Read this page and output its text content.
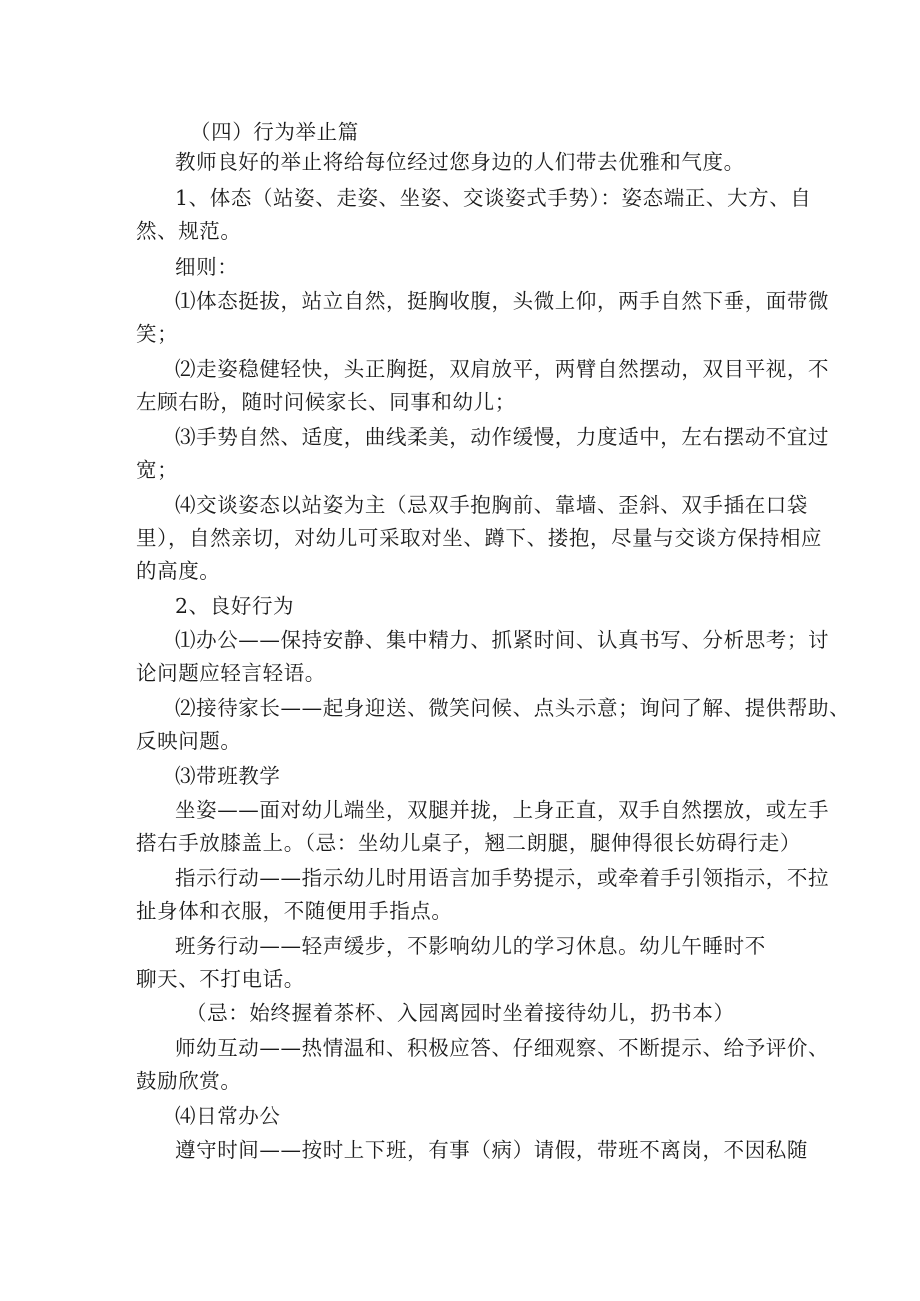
（四）行为举止篇
教师良好的举止将给每位经过您身边的人们带去优雅和气度。
1、体态（站姿、走姿、坐姿、交谈姿式手势）：姿态端正、大方、自
然、规范。
细则：
⑴体态挺拔，站立自然，挺胸收腹，头微上仰，两手自然下垂，面带微
笑；
⑵走姿稳健轻快，头正胸挺，双肩放平，两臂自然摆动，双目平视，不
左顾右盼，随时问候家长、同事和幼儿；
⑶手势自然、适度，曲线柔美，动作缓慢，力度适中，左右摆动不宜过
宽；
⑷交谈姿态以站姿为主（忌双手抱胸前、靠墙、歪斜、双手插在口袋
里），自然亲切，对幼儿可采取对坐、蹲下、搂抱，尽量与交谈方保持相应
的高度。
2、良好行为
⑴办公——保持安静、集中精力、抓紧时间、认真书写、分析思考；讨
论问题应轻言轻语。
⑵接待家长——起身迎送、微笑问候、点头示意；询问了解、提供帮助、
反映问题。
⑶带班教学
坐姿——面对幼儿端坐，双腿并拢，上身正直，双手自然摆放，或左手
搭右手放膝盖上。（忌：坐幼儿桌子，翘二朗腿，腿伸得很长妨碍行走）
指示行动——指示幼儿时用语言加手势提示，或牵着手引领指示，不拉
扯身体和衣服，不随便用手指点。
班务行动——轻声缓步，不影响幼儿的学习休息。幼儿午睡时不
聊天、不打电话。
（忌：始终握着茶杯、入园离园时坐着接待幼儿，扔书本）
师幼互动——热情温和、积极应答、仔细观察、不断提示、给予评价、
鼓励欣赏。
⑷日常办公
遵守时间——按时上下班，有事（病）请假，带班不离岗，不因私随
